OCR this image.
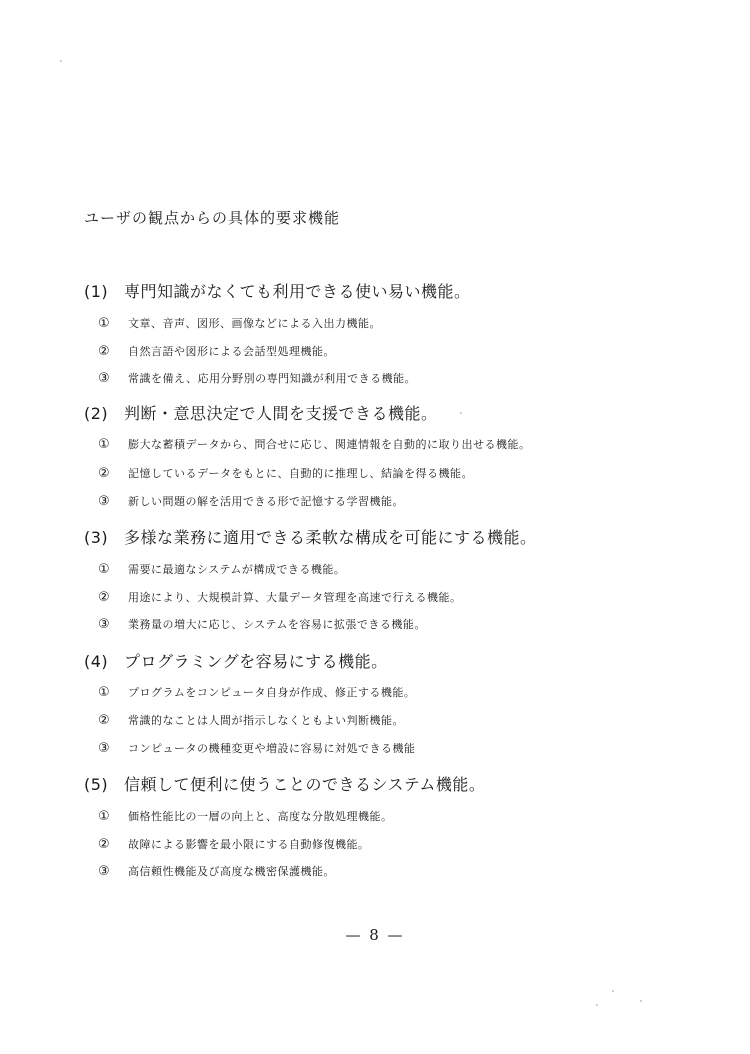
ユーザの観点からの具体的要求機能
(1) 専門知識がなくても利用できる使い易い機能。
① 文章、音声、図形、画像などによる入出力機能。
② 自然言語や図形による会話型処理機能。
③ 常識を備え、応用分野別の専門知識が利用できる機能。
(2) 判断・意思決定で人間を支援できる機能。
① 膨大な蓄積データから、問合せに応じ、関連情報を自動的に取り出せる機能。
② 記憶しているデータをもとに、自動的に推理し、結論を得る機能。
③ 新しい問題の解を活用できる形で記憶する学習機能。
(3) 多様な業務に適用できる柔軟な構成を可能にする機能。
① 需要に最適なシステムが構成できる機能。
② 用途により、大規模計算、大量データ管理を高速で行える機能。
③ 業務量の増大に応じ、システムを容易に拡張できる機能。
(4) プログラミングを容易にする機能。
① プログラムをコンピュータ自身が作成、修正する機能。
② 常識的なことは人間が指示しなくともよい判断機能。
③ コンピュータの機種変更や増設に容易に対処できる機能
(5) 信頼して便利に使うことのできるシステム機能。
① 価格性能比の一層の向上と、高度な分散処理機能。
② 故障による影響を最小限にする自動修復機能。
③ 高信頼性機能及び高度な機密保護機能。
— 8 —
